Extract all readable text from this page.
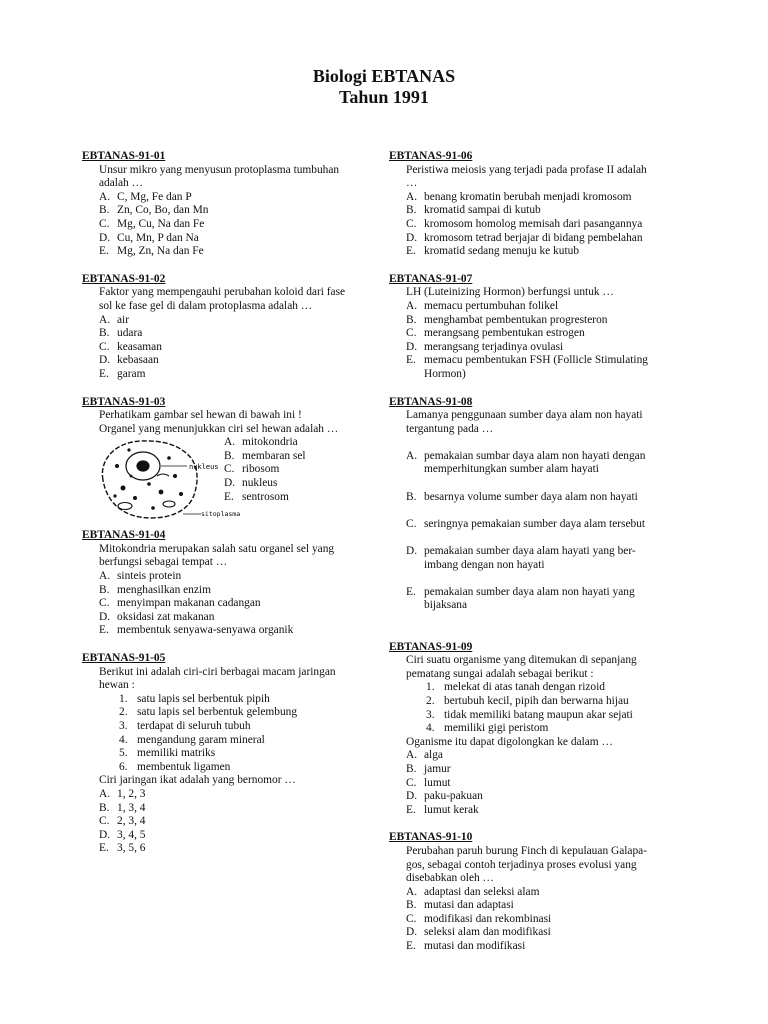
Biologi EBTANAS
Tahun 1991
EBTANAS-91-01
Unsur mikro yang menyusun protoplasma tumbuhan
adalah …
A. C, Mg, Fe dan P
B. Zn, Co, Bo, dan Mn
C. Mg, Cu, Na dan Fe
D. Cu, Mn, P dan Na
E. Mg, Zn, Na dan Fe
EBTANAS-91-02
Faktor yang mempengauhi perubahan koloid dari fase
sol ke fase gel di dalam protoplasma adalah …
A. air
B. udara
C. keasaman
D. kebasaan
E. garam
EBTANAS-91-03
Perhatikam gambar sel hewan di bawah ini !
Organel yang menunjukkan ciri sel hewan adalah …
nukleus
sitoplasma
A. mitokondria
B. membaran sel
C. ribosom
D. nukleus
E. sentrosom
EBTANAS-91-04
Mitokondria merupakan salah satu organel sel yang
berfungsi sebagai tempat …
A. sinteis protein
B. menghasilkan enzim
C. menyimpan makanan cadangan
D. oksidasi zat makanan
E. membentuk senyawa-senyawa organik
EBTANAS-91-05
Berikut ini adalah ciri-ciri berbagai macam jaringan
hewan :
1. satu lapis sel berbentuk pipih
2. satu lapis sel berbentuk gelembung
3. terdapat di seluruh tubuh
4. mengandung garam mineral
5. memiliki matriks
6. membentuk ligamen
Ciri jaringan ikat adalah yang bernomor …
A. 1, 2, 3
B. 1, 3, 4
C. 2, 3, 4
D. 3, 4, 5
E. 3, 5, 6
EBTANAS-91-06
Peristiwa meiosis yang terjadi pada profase II adalah
…
A. benang kromatin berubah menjadi kromosom
B. kromatid sampai di kutub
C. kromosom homolog memisah dari pasangannya
D. kromosom tetrad berjajar di bidang pembelahan
E. kromatid sedang menuju ke kutub
EBTANAS-91-07
LH (Luteinizing Hormon) berfungsi untuk …
A. memacu pertumbuhan folikel
B. menghambat pembentukan progresteron
C. merangsang pembentukan estrogen
D. merangsang terjadinya ovulasi
E. memacu pembentukan FSH (Follicle Stimulating
Hormon)
EBTANAS-91-08
Lamanya penggunaan sumber daya alam non hayati
tergantung pada …

A. pemakaian sumbar daya alam non hayati dengan
memperhitungkan sumber alam hayati

B. besarnya volume sumber daya alam non hayati

C. seringnya pemakaian sumber daya alam tersebut

D. pemakaian sumber daya alam hayati yang ber-
imbang dengan non hayati

E. pemakaian sumber daya alam non hayati yang
bijaksana

EBTANAS-91-09
Ciri suatu organisme yang ditemukan di sepanjang
pematang sungai adalah sebagai berikut :
1. melekat di atas tanah dengan rizoid
2. bertubuh kecil, pipih dan berwarna hijau
3. tidak memiliki batang maupun akar sejati
4. memiliki gigi peristom
Oganisme itu dapat digolongkan ke dalam …
A. alga
B. jamur
C. lumut
D. paku-pakuan
E. lumut kerak
EBTANAS-91-10
Perubahan paruh burung Finch di kepulauan Galapa-
gos, sebagai contoh terjadinya proses evolusi yang
disebabkan oleh …
A. adaptasi dan seleksi alam
B. mutasi dan adaptasi
C. modifikasi dan rekombinasi
D. seleksi alam dan modifikasi
E. mutasi dan modifikasi
